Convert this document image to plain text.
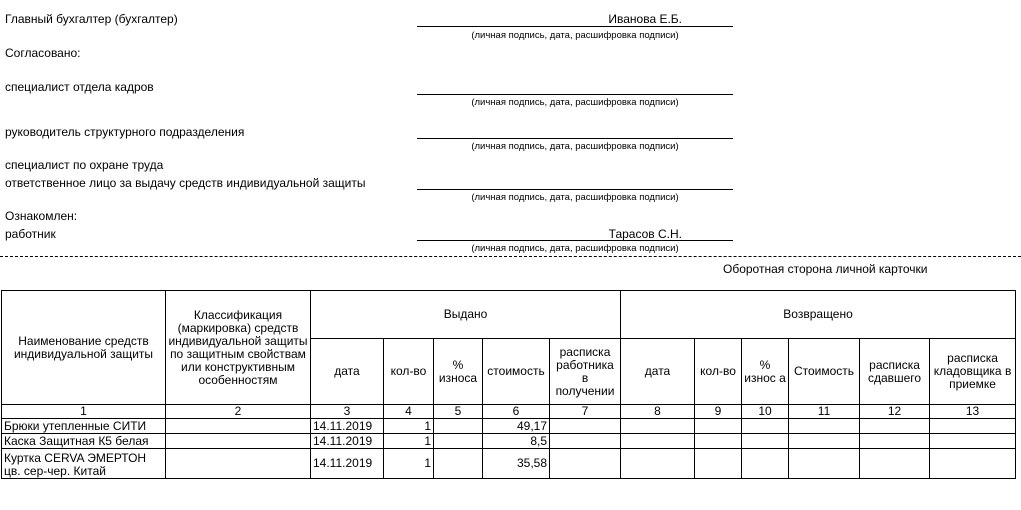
Главный бухгалтер (бухгалтер)	Иванова Е.Б.
(личная подпись, дата, расшифровка подписи)
Согласовано:
специалист отдела кадров
(личная подпись, дата, расшифровка подписи)
руководитель структурного подразделения
(личная подпись, дата, расшифровка подписи)
специалист по охране труда
ответственное лицо за выдачу средств индивидуальной защиты
(личная подпись, дата, расшифровка подписи)
Ознакомлен:
работник	Тарасов С.Н.
(личная подпись, дата, расшифровка подписи)
Оборотная сторона личной карточки
Наименование средств индивидуальной защиты	Классификация (маркировка) средств индивидуальной защиты по защитным свойствам или конструктивным особенностям	Выдано					Возвращено					
		дата	кол-во	% износа	стоимость	расписка работника в получении	дата	кол-во	% износ а	Стоимость	расписка сдавшего	расписка кладовщика в приемке
1	2	3	4	5	6	7	8	9	10	11	12	13
Брюки утепленные СИТИ		14.11.2019	1		49,17							
Каска Защитная К5 белая		14.11.2019	1		8,5							
Куртка CERVA ЭМЕРТОН цв. сер-чер. Китай		14.11.2019	1		35,58							
